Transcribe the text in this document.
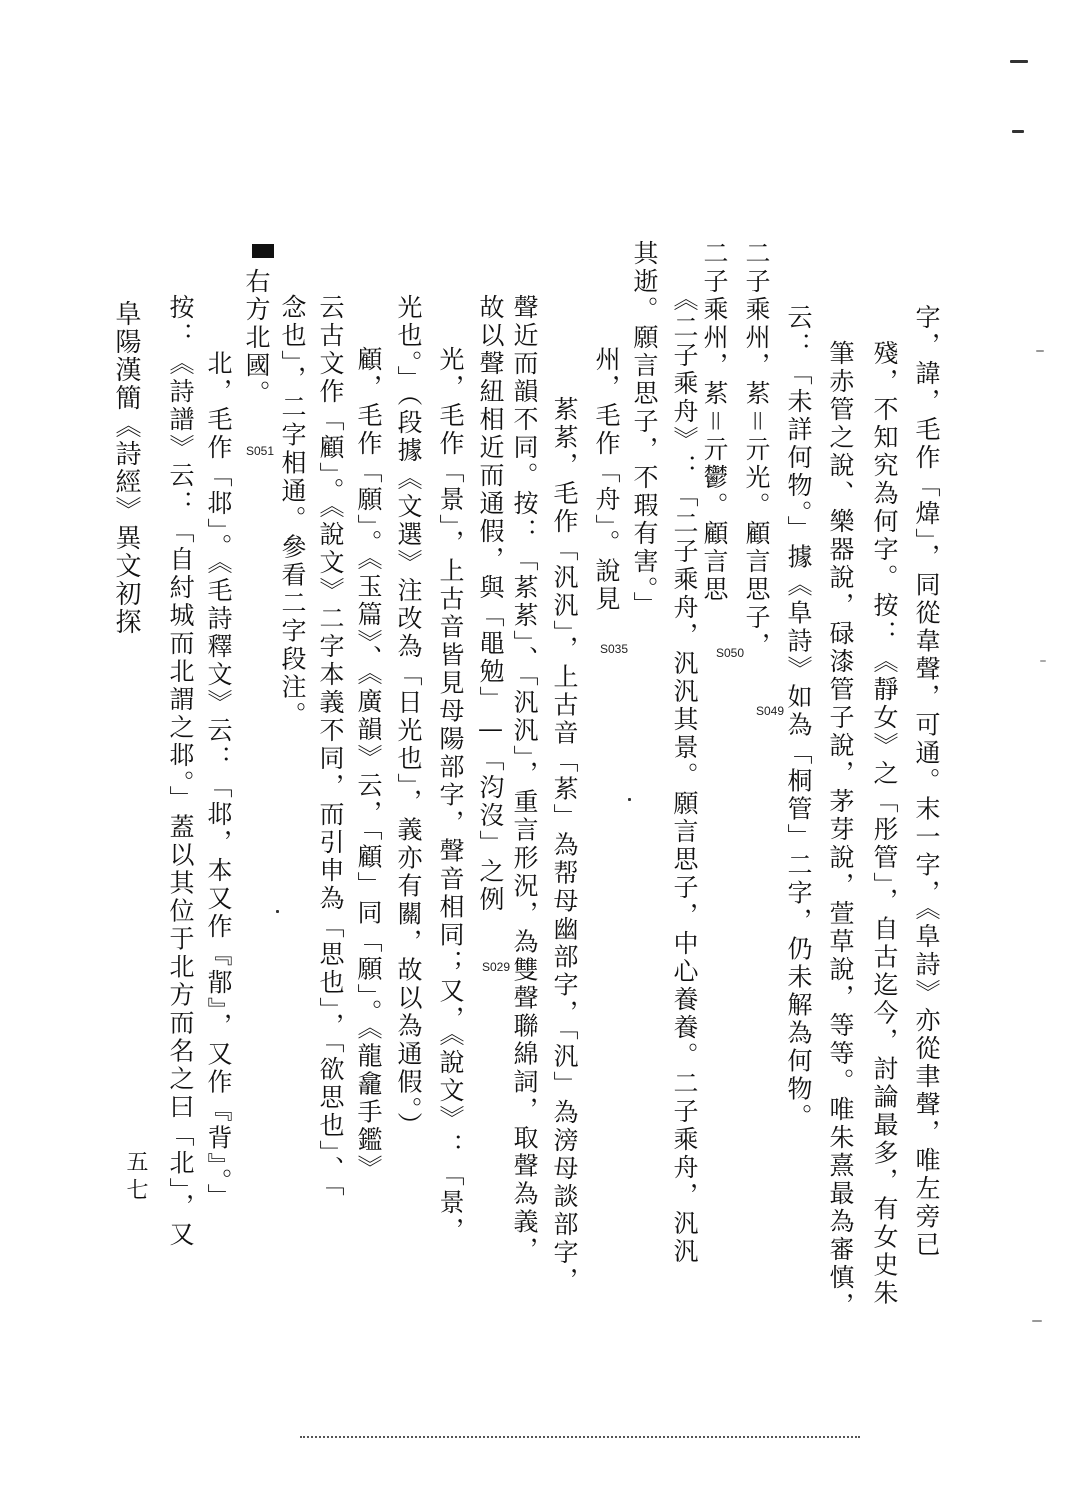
阜陽漢簡《詩經》異文初探
五七	字，諱，毛作「煒」，同從韋聲，可通。末一字，《阜詩》亦從聿聲，唯左旁已
殘，不知究為何字。按：《靜女》之「彤管」，自古迄今，討論最多，有女史朱
筆赤管之說、樂器說，碌漆管子說，茅芽說，萱草說，等等。唯朱熹最為審慎，
云：「未詳何物。」據《阜詩》如為「桐管」二字，仍未解為何物。
二子乘州，䒺＝亓光。顧言思子，
二子乘州，䒺＝亓鬱。顧言思
《二子乘舟》：「二子乘舟，汎汎其景。願言思子，中心養養。二子乘舟，汎汎
其逝。願言思子，不瑕有害。」
州，毛作「舟」。說見
䒺䒺，毛作「汎汎」，上古音「䒺」為帮母幽部字，「汎」為滂母談部字，
聲近而韻不同。按：「䒺䒺」、「汎汎」，重言形況，為雙聲聯綿詞，取聲為義，
故以聲紐相近而通假，與「黽勉」—「汮沒」之例
光，毛作「景」，上古音皆見母陽部字，聲音相同；又，《說文》：「景，
光也。」（段據《文選》注改為「日光也」，義亦有關，故以為通假。）
顧，毛作「願」。《玉篇》、《廣韻》云，「顧」同「願」。《龍龕手鑑》
云古文作「顧」。《說文》二字本義不同，而引申為「思也」，「欲思也」、「
念也」，二字相通。參看二字段注。
右方北國。
北，毛作「邶」。《毛詩釋文》云：「邶，本又作『鄁』，又作『背』。」
按：《詩譜》云：「自紂城而北謂之邶。」蓋以其位于北方而名之曰「北」，又	S029
S035
S049
S050
S051
